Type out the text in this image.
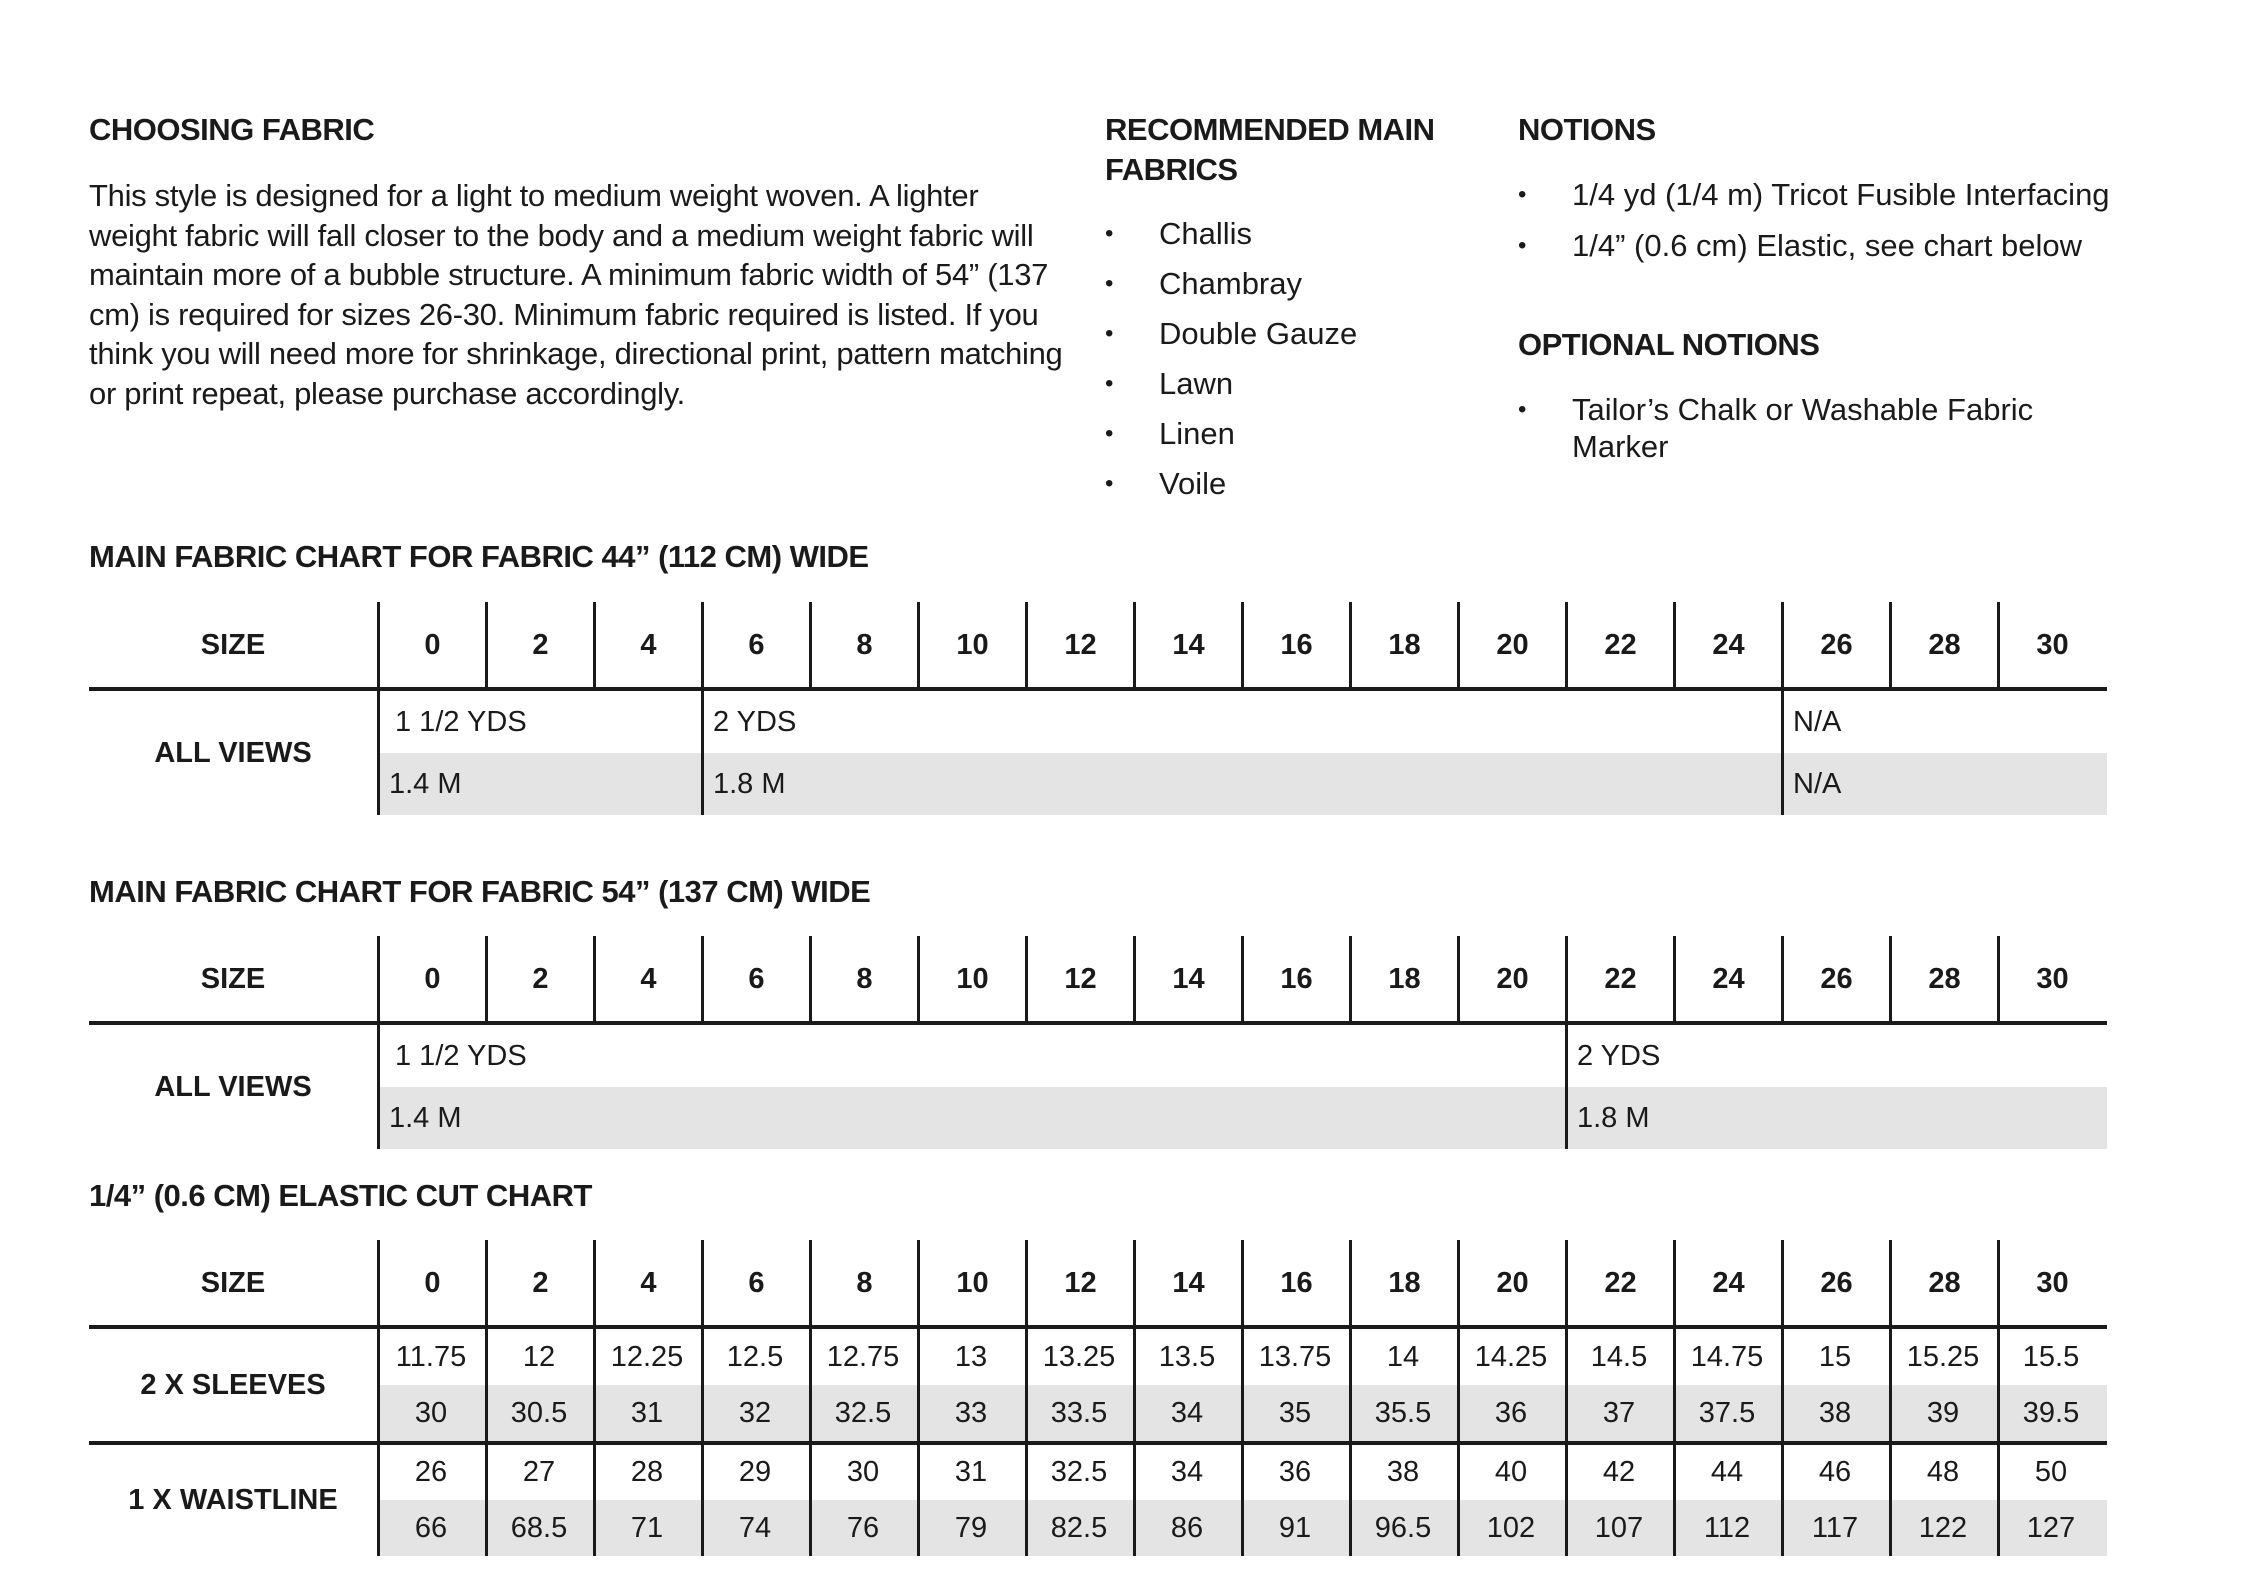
CHOOSING FABRIC

This style is designed for a light to medium weight woven. A lighter weight fabric will fall closer to the body and a medium weight fabric will maintain more of a bubble structure. A minimum fabric width of 54” (137 cm) is required for sizes 26-30. Minimum fabric required is listed. If you think you will need more for shrinkage, directional print, pattern matching or print repeat, please purchase accordingly.

RECOMMENDED MAIN FABRICS
• Challis
• Chambray
• Double Gauze
• Lawn
• Linen
• Voile
NOTIONS
• 1/4 yd (1/4 m) Tricot Fusible Interfacing
• 1/4” (0.6 cm) Elastic, see chart below
OPTIONAL NOTIONS
• Tailor’s Chalk or Washable Fabric Marker
MAIN FABRIC CHART FOR FABRIC 44” (112 CM) WIDE
SIZE	0	2	4	6	8	10	12	14	16	18	20	22	24	26	28	30
ALL VIEWS
1 1/2 YDS	2 YDS	N/A
1.4 M	1.8 M	N/A
MAIN FABRIC CHART FOR FABRIC 54” (137 CM) WIDE
SIZE	0	2	4	6	8	10	12	14	16	18	20	22	24	26	28	30
ALL VIEWS
1 1/2 YDS	2 YDS
1.4 M	1.8 M
1/4” (0.6 CM) ELASTIC CUT CHART
SIZE	0	2	4	6	8	10	12	14	16	18	20	22	24	26	28	30
2 X SLEEVES
11.75	12	12.25	12.5	12.75	13	13.25	13.5	13.75	14	14.25	14.5	14.75	15	15.25	15.5
30	30.5	31	32	32.5	33	33.5	34	35	35.5	36	37	37.5	38	39	39.5
1 X WAISTLINE
26	27	28	29	30	31	32.5	34	36	38	40	42	44	46	48	50
66	68.5	71	74	76	79	82.5	86	91	96.5	102	107	112	117	122	127
